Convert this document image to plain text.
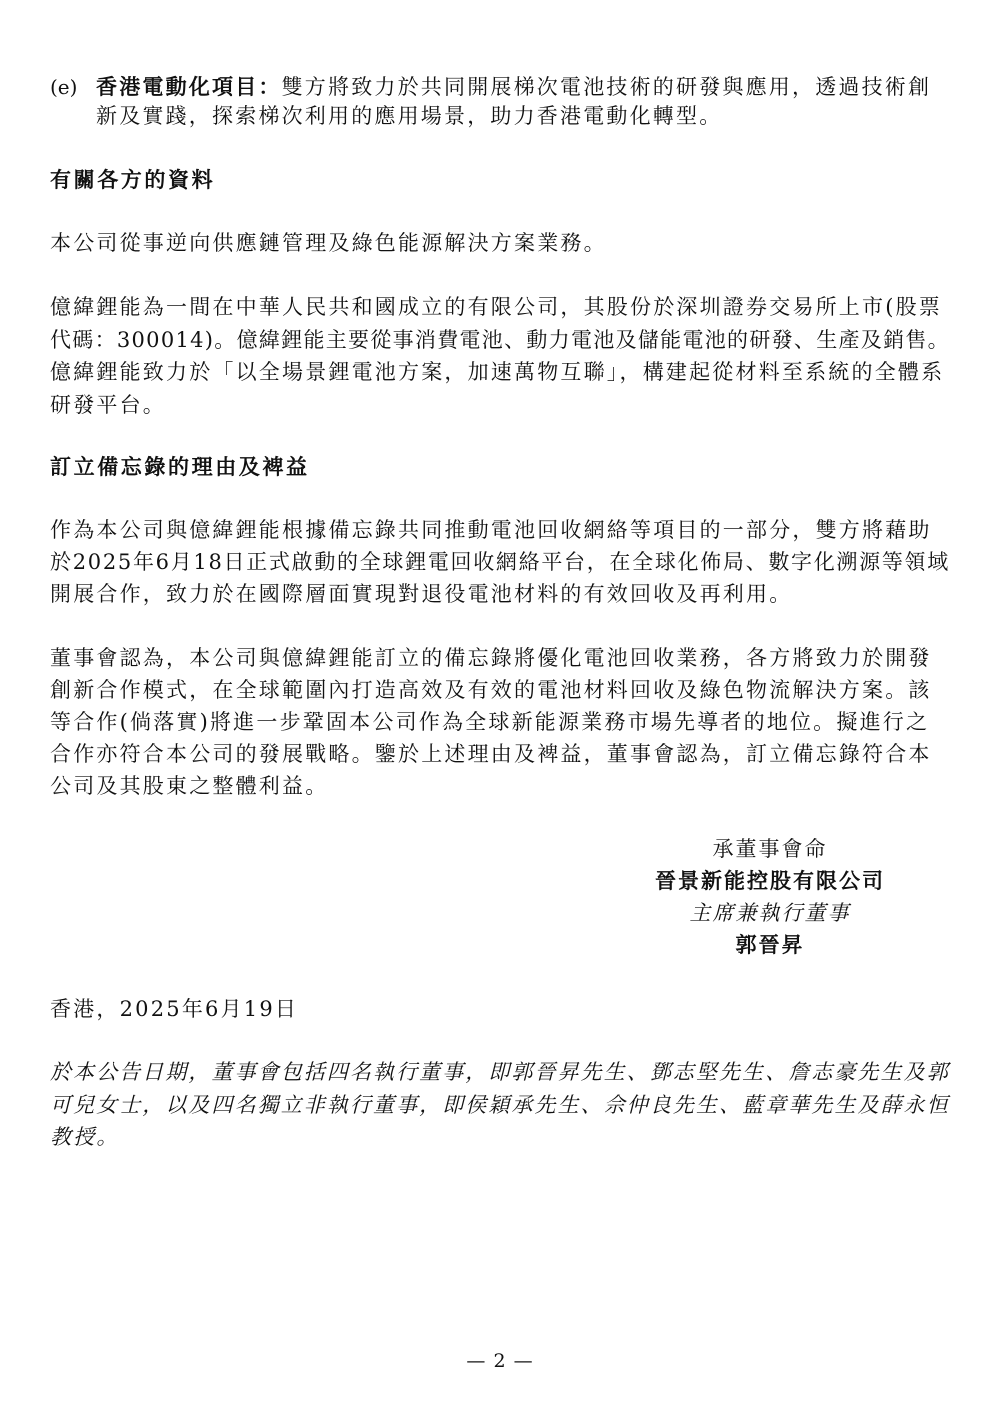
(e) 香港電動化項目：雙方將致力於共同開展梯次電池技術的研發與應用，透過技術創
新及實踐，探索梯次利用的應用場景，助力香港電動化轉型。
有關各方的資料
本公司從事逆向供應鏈管理及綠色能源解決方案業務。
億緯鋰能為一間在中華人民共和國成立的有限公司，其股份於深圳證券交易所上市(股票
代碼：300014)。億緯鋰能主要從事消費電池、動力電池及儲能電池的研發、生產及銷售。
億緯鋰能致力於「以全場景鋰電池方案，加速萬物互聯」，構建起從材料至系統的全體系
研發平台。
訂立備忘錄的理由及裨益
作為本公司與億緯鋰能根據備忘錄共同推動電池回收網絡等項目的一部分，雙方將藉助
於2025年6月18日正式啟動的全球鋰電回收網絡平台，在全球化佈局、數字化溯源等領域
開展合作，致力於在國際層面實現對退役電池材料的有效回收及再利用。
董事會認為，本公司與億緯鋰能訂立的備忘錄將優化電池回收業務，各方將致力於開發
創新合作模式，在全球範圍內打造高效及有效的電池材料回收及綠色物流解決方案。該
等合作(倘落實)將進一步鞏固本公司作為全球新能源業務市場先導者的地位。擬進行之
合作亦符合本公司的發展戰略。鑒於上述理由及裨益，董事會認為，訂立備忘錄符合本
公司及其股東之整體利益。
承董事會命
晉景新能控股有限公司
主席兼執行董事
郭晉昇
香港，2025年6月19日
於本公告日期，董事會包括四名執行董事，即郭晉昇先生、鄧志堅先生、詹志豪先生及郭
可兒女士，以及四名獨立非執行董事，即侯穎承先生、佘仲良先生、藍章華先生及薛永恒
教授。
— 2 —
